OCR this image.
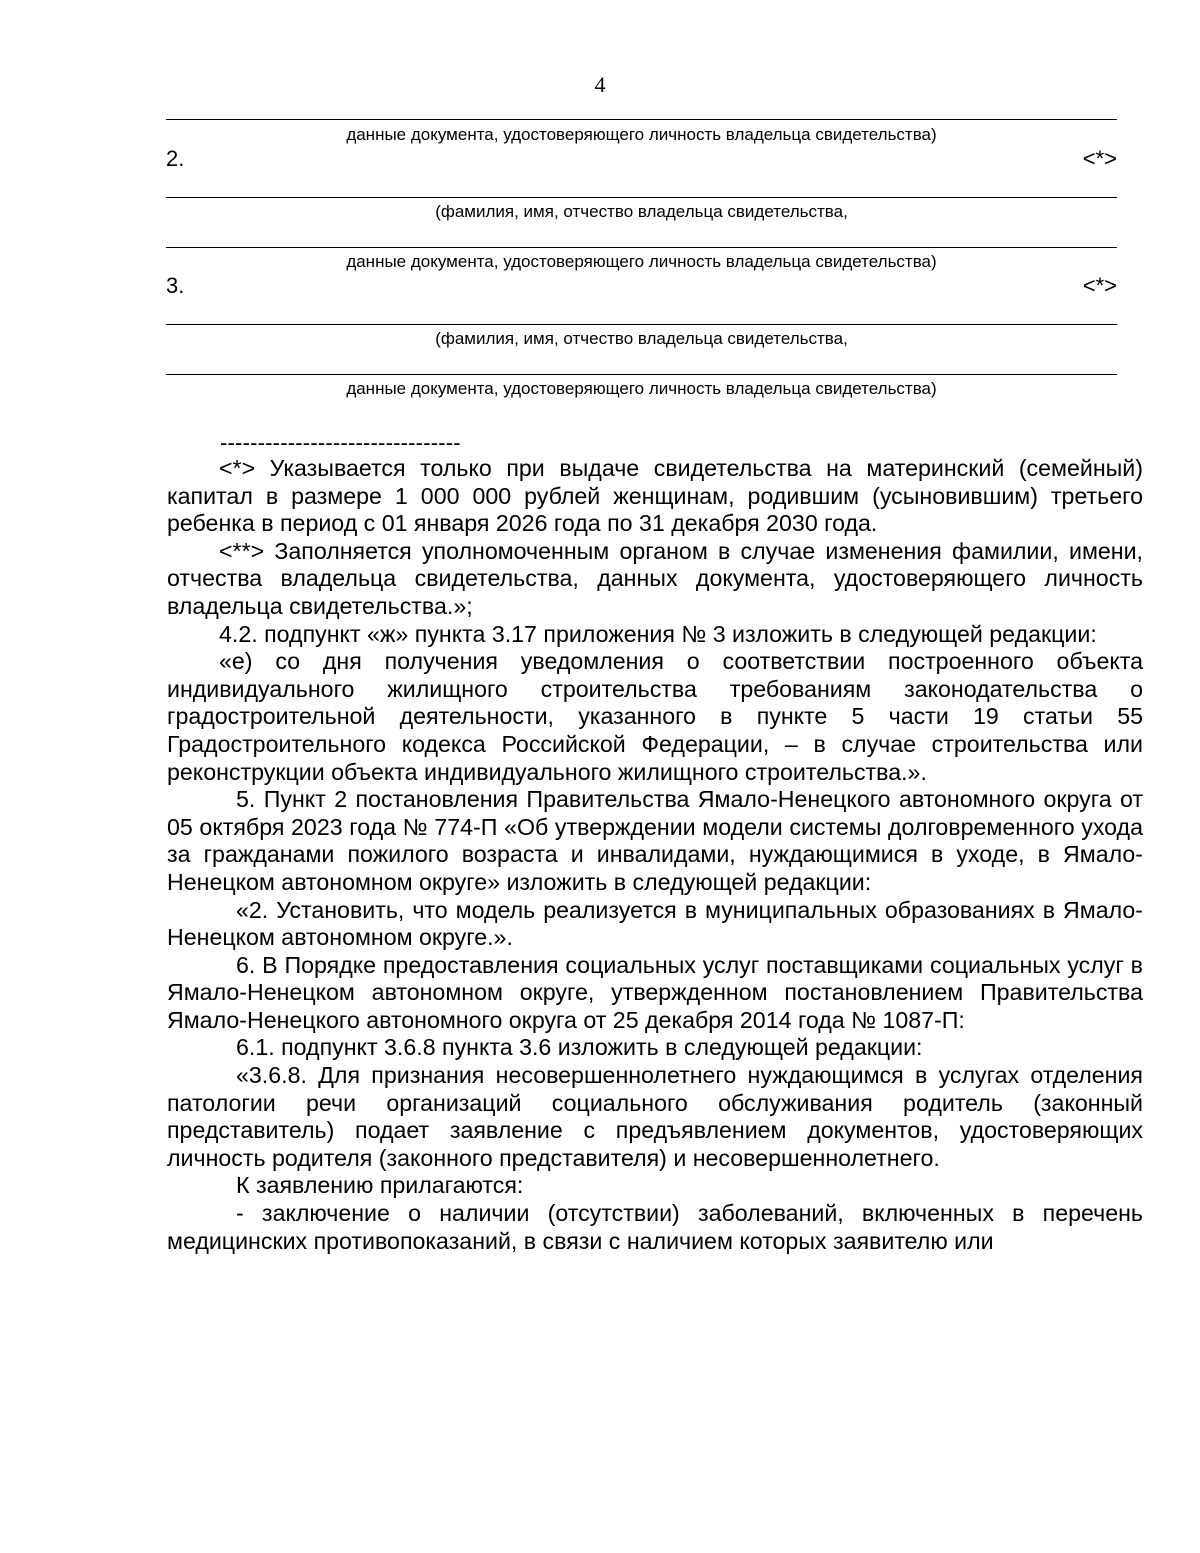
4
данные документа, удостоверяющего личность владельца свидетельства)
2.	<*>
(фамилия, имя, отчество владельца свидетельства,
данные документа, удостоверяющего личность владельца свидетельства)
3.	<*>
(фамилия, имя, отчество владельца свидетельства,
данные документа, удостоверяющего личность владельца свидетельства)
--------------------------------

<*> Указывается только при выдаче свидетельства на материнский (семейный) капитал в размере 1 000 000 рублей женщинам, родившим (усыновившим) третьего ребенка в период с 01 января 2026 года по 31 декабря 2030 года.

<**> Заполняется уполномоченным органом в случае изменения фамилии, имени, отчества владельца свидетельства, данных документа, удостоверяющего личность владельца свидетельства.»;

4.2. подпункт «ж» пункта 3.17 приложения № 3 изложить в следующей редакции:

«е) со дня получения уведомления о соответствии построенного объекта индивидуального жилищного строительства требованиям законодательства о градостроительной деятельности, указанного в пункте 5 части 19 статьи 55 Градостроительного кодекса Российской Федерации, – в случае строительства или реконструкции объекта индивидуального жилищного строительства.».

5. Пункт 2 постановления Правительства Ямало-Ненецкого автономного округа от 05 октября 2023 года № 774-П «Об утверждении модели системы долговременного ухода за гражданами пожилого возраста и инвалидами, нуждающимися в уходе, в Ямало-Ненецком автономном округе» изложить в следующей редакции:

«2. Установить, что модель реализуется в муниципальных образованиях в Ямало-Ненецком автономном округе.».

6. В Порядке предоставления социальных услуг поставщиками социальных услуг в Ямало-Ненецком автономном округе, утвержденном постановлением Правительства Ямало-Ненецкого автономного округа от 25 декабря 2014 года № 1087-П:

6.1. подпункт 3.6.8 пункта 3.6 изложить в следующей редакции:

«3.6.8. Для признания несовершеннолетнего нуждающимся в услугах отделения патологии речи организаций социального обслуживания родитель (законный представитель) подает заявление с предъявлением документов, удостоверяющих личность родителя (законного представителя) и несовершеннолетнего.

К заявлению прилагаются:

- заключение о наличии (отсутствии) заболеваний, включенных в перечень медицинских противопоказаний, в связи с наличием которых заявителю или
